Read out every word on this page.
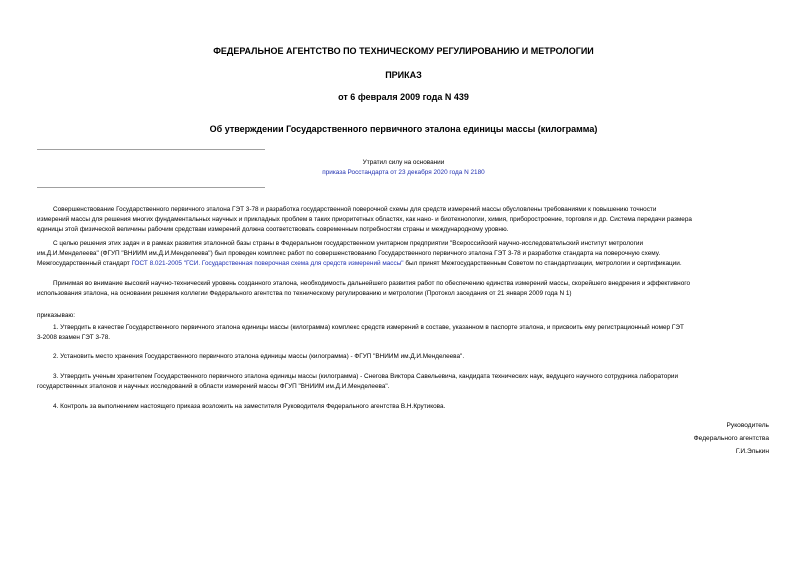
ФЕДЕРАЛЬНОЕ АГЕНТСТВО ПО ТЕХНИЧЕСКОМУ РЕГУЛИРОВАНИЮ И МЕТРОЛОГИИ
ПРИКАЗ
от 6 февраля 2009 года N 439
Об утверждении Государственного первичного эталона единицы массы (килограмма)
Утратил силу на основании
приказа Росстандарта от 23 декабря 2020 года N 2180
Совершенствование Государственного первичного эталона ГЭТ 3-78 и разработка государственной поверочной схемы для средств измерений массы обусловлены требованиями к повышению точности
измерений массы для решения многих фундаментальных научных и прикладных проблем в таких приоритетных областях, как нано- и биотехнологии, химия, приборостроение, торговля и др. Система передачи размера
единицы этой физической величины рабочим средствам измерений должна соответствовать современным потребностям страны и международному уровню.
С целью решения этих задач и в рамках развития эталонной базы страны в Федеральном государственном унитарном предприятии "Всероссийский научно-исследовательский институт метрологии
им.Д.И.Менделеева" (ФГУП "ВНИИМ им.Д.И.Менделеева") был проведен комплекс работ по совершенствованию Государственного первичного эталона ГЭТ 3-78 и разработке стандарта на поверочную схему.
Межгосударственный стандарт ГОСТ 8.021-2005 "ГСИ. Государственная поверочная схема для средств измерений массы" был принят Межгосударственным Советом по стандартизации, метрологии и сертификации.
Принимая во внимание высокий научно-технический уровень созданного эталона, необходимость дальнейшего развития работ по обеспечению единства измерений массы, скорейшего внедрения и эффективного
использования эталона, на основании решения коллегии Федерального агентства по техническому регулированию и метрологии (Протокол заседания от 21 января 2009 года N 1)
приказываю:
1. Утвердить в качестве Государственного первичного эталона единицы массы (килограмма) комплекс средств измерений в составе, указанном в паспорте эталона, и присвоить ему регистрационный номер ГЭТ
3-2008 взамен ГЭТ 3-78.
2. Установить место хранения Государственного первичного эталона единицы массы (килограмма) - ФГУП "ВНИИМ им.Д.И.Менделеева".
3. Утвердить ученым хранителем Государственного первичного эталона единицы массы (килограмма) - Снегова Виктора Савельевича, кандидата технических наук, ведущего научного сотрудника лаборатории
государственных эталонов и научных исследований в области измерений массы ФГУП "ВНИИМ им.Д.И.Менделеева".
4. Контроль за выполнением настоящего приказа возложить на заместителя Руководителя Федерального агентства В.Н.Крутикова.
Руководитель
Федерального агентства
Г.И.Элькин
